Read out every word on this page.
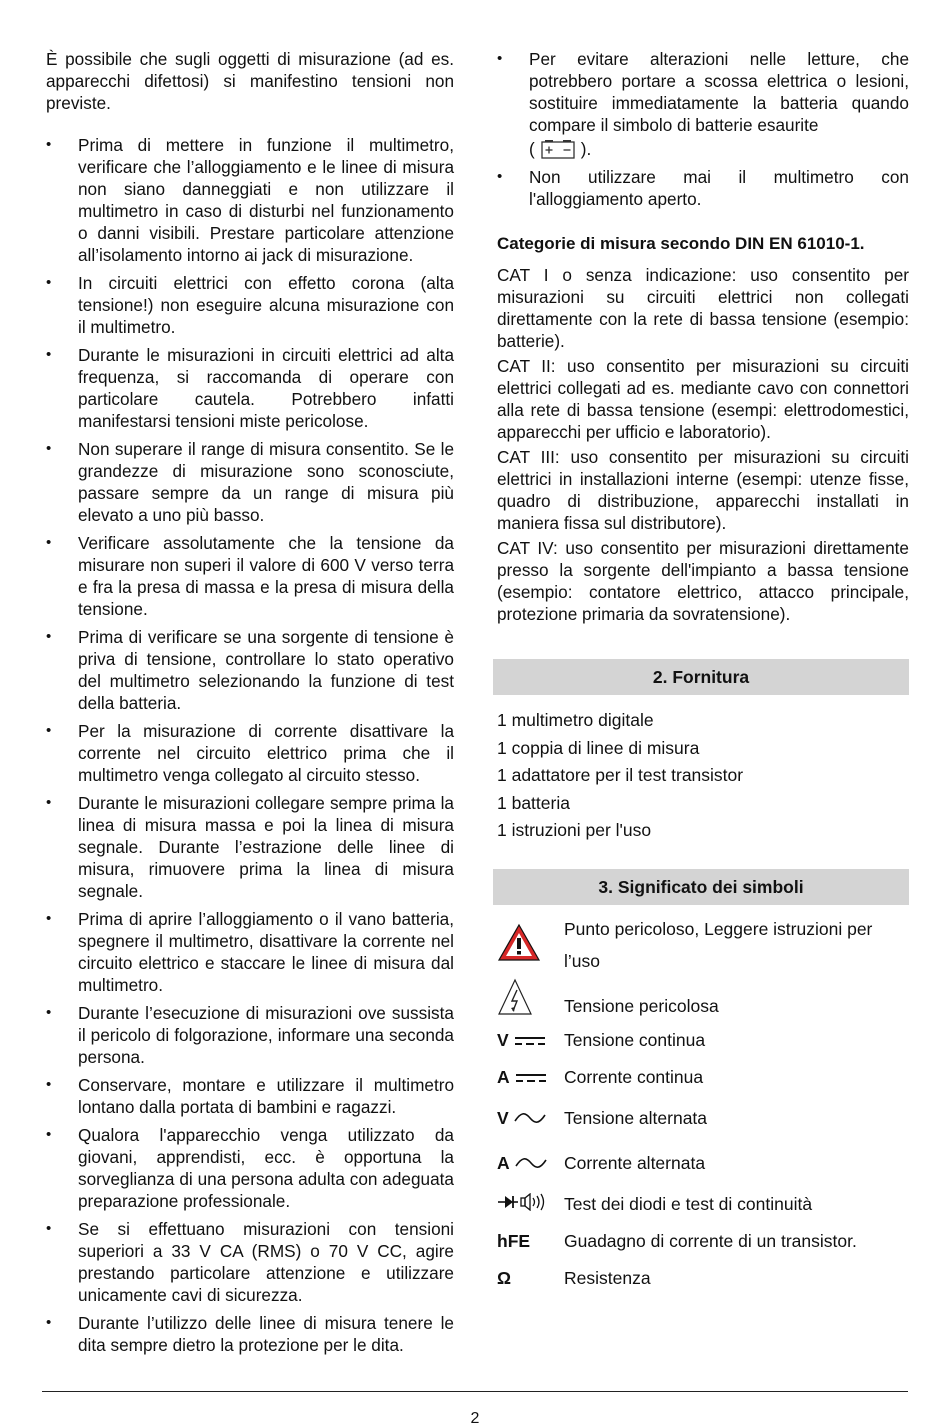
È possibile che sugli oggetti di misurazione (ad es. apparecchi difettosi) si manifestino tensioni non previste.

• Prima di mettere in funzione il multimetro, verificare che l’alloggiamento e le linee di misura non siano danneggiati e non utilizzare il multimetro in caso di disturbi nel funzionamento o danni visibili. Prestare particolare attenzione all’isolamento intorno ai jack di misurazione.
• In circuiti elettrici con effetto corona (alta tensione!) non eseguire alcuna misurazione con il multimetro.
• Durante le misurazioni in circuiti elettrici ad alta frequenza, si raccomanda di operare con particolare cautela. Potrebbero infatti manifestarsi tensioni miste pericolose.
• Non superare il range di misura consentito. Se le grandezze di misurazione sono sconosciute, passare sempre da un range di misura più elevato a uno più basso.
• Verificare assolutamente che la tensione da misurare non superi il valore di 600 V verso terra e fra la presa di massa e la presa di misura della tensione.
• Prima di verificare se una sorgente di tensione è priva di tensione, controllare lo stato operativo del multimetro selezionando la funzione di test della batteria.
• Per la misurazione di corrente disattivare la corrente nel circuito elettrico prima che il multimetro venga collegato al circuito stesso.
• Durante le misurazioni collegare sempre prima la linea di misura massa e poi la linea di misura segnale. Durante l’estrazione delle linee di misura, rimuovere prima la linea di misura segnale.
• Prima di aprire l’alloggiamento o il vano batteria, spegnere il multimetro, disattivare la corrente nel circuito elettrico e staccare le linee di misura dal multimetro.
• Durante l’esecuzione di misurazioni ove sussista il pericolo di folgorazione, informare una seconda persona.
• Conservare, montare e utilizzare il multimetro lontano dalla portata di bambini e ragazzi.
• Qualora l'apparecchio venga utilizzato da giovani, apprendisti, ecc. è opportuna la sorveglianza di una persona adulta con adeguata preparazione professionale.
• Se si effettuano misurazioni con tensioni superiori a 33 V CA (RMS) o 70 V CC, agire prestando particolare attenzione e utilizzare unicamente cavi di sicurezza.
• Durante l’utilizzo delle linee di misura tenere le dita sempre dietro la protezione per le dita.
• Per evitare alterazioni nelle letture, che potrebbero portare a scossa elettrica o lesioni, sostituire immediatamente la batteria quando compare il simbolo di batterie esaurite
(	).
• Non utilizzare mai il multimetro con l'alloggiamento aperto.
Categorie di misura secondo DIN EN 61010-1.

CAT I o senza indicazione: uso consentito per misurazioni su circuiti elettrici non collegati direttamente con la rete di bassa tensione (esempio: batterie).

CAT II: uso consentito per misurazioni su circuiti elettrici collegati ad es. mediante cavo con connettori alla rete di bassa tensione (esempi: elettrodomestici, apparecchi per ufficio e laboratorio).

CAT III: uso consentito per misurazioni su circuiti elettrici in installazioni interne (esempi: utenze fisse, quadro di distribuzione, apparecchi installati in maniera fissa sul distributore).

CAT IV: uso consentito per misurazioni direttamente presso la sorgente dell'impianto a bassa tensione (esempio: contatore elettrico, attacco principale, protezione primaria da sovratensione).

2. Fornitura
1 multimetro digitale
1 coppia di linee di misura
1 adattatore per il test transistor
1 batteria
1 istruzioni per l'uso
3. Significato dei simboli
	Punto pericoloso, Leggere istruzioni per l’uso
	Tensione pericolosa

V	Tensione continua

A	Corrente continua

V	Tensione alternata

A	Corrente alternata
	Test dei diodi e test di continuità
hFE	Guadagno di corrente di un transistor.
Ω	Resistenza
2
